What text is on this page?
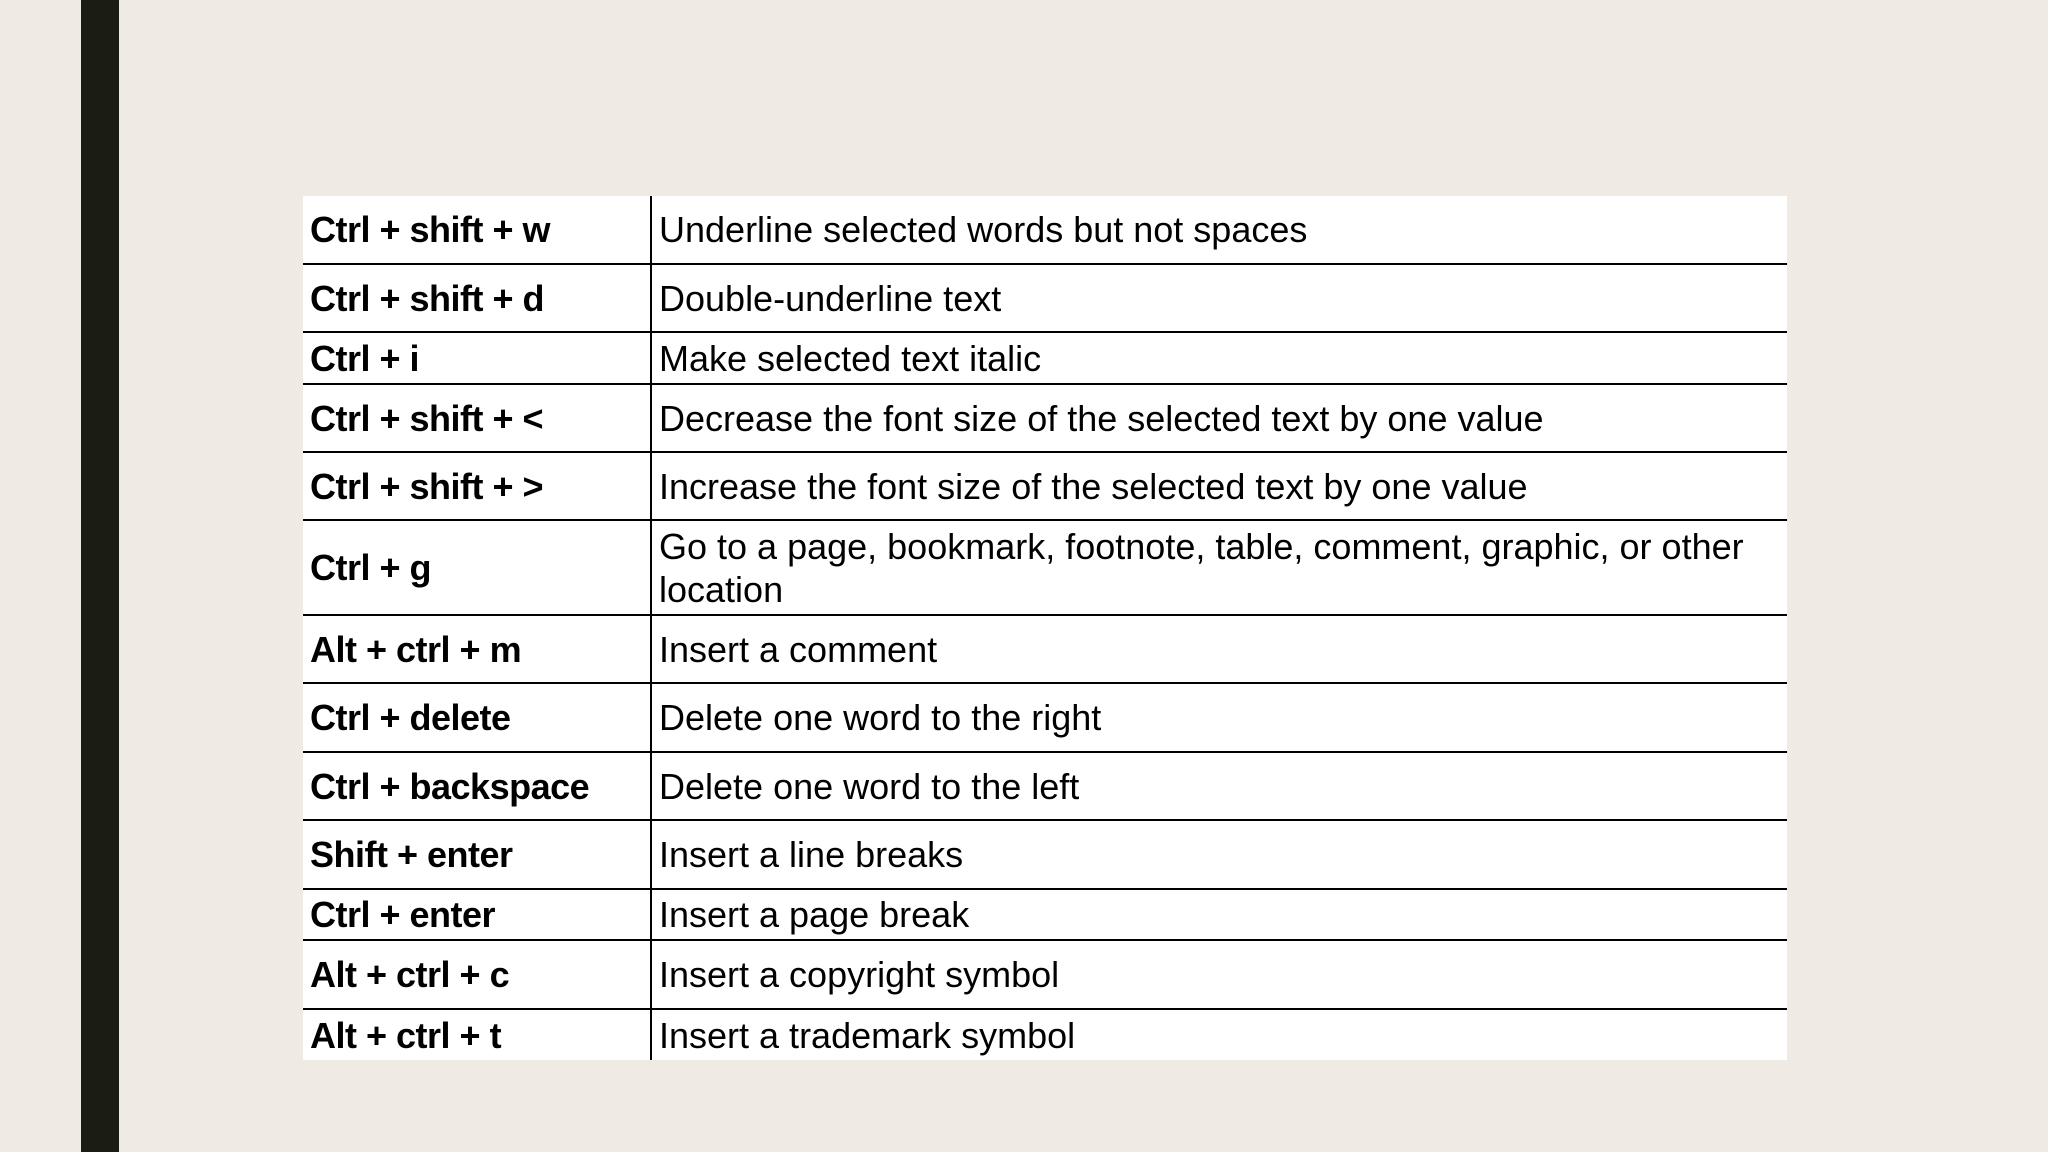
Ctrl + shift + w	Underline selected words but not spaces
Ctrl + shift + d	Double-underline text
Ctrl + i	Make selected text italic
Ctrl + shift + <	Decrease the font size of the selected text by one value
Ctrl + shift + >	Increase the font size of the selected text by one value
Ctrl + g	Go to a page, bookmark, footnote, table, comment, graphic, or other location
Alt + ctrl + m	Insert a comment
Ctrl + delete	Delete one word to the right
Ctrl + backspace	Delete one word to the left
Shift + enter	Insert a line breaks
Ctrl + enter	Insert a page break
Alt + ctrl + c	Insert a copyright symbol
Alt + ctrl + t	Insert a trademark symbol
